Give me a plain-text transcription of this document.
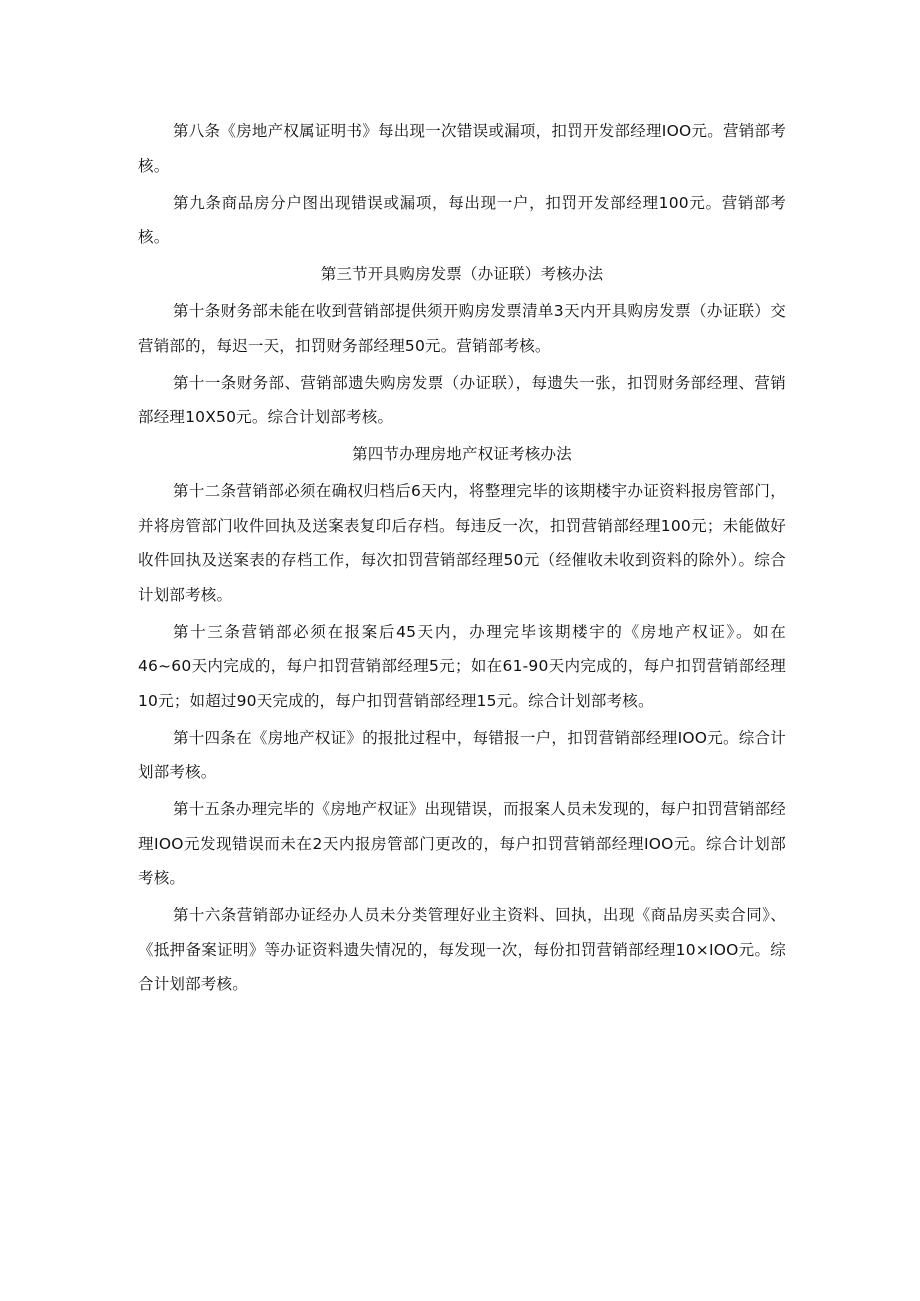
第八条《房地产权属证明书》每出现一次错误或漏项，扣罚开发部经理IOO元。营销部考核。

第九条商品房分户图出现错误或漏项，每出现一户，扣罚开发部经理100元。营销部考核。

第三节开具购房发票（办证联）考核办法

第十条财务部未能在收到营销部提供须开购房发票清单3天内开具购房发票（办证联）交营销部的，每迟一天，扣罚财务部经理50元。营销部考核。

第十一条财务部、营销部遗失购房发票（办证联），每遗失一张，扣罚财务部经理、营销部经理10X50元。综合计划部考核。

第四节办理房地产权证考核办法

第十二条营销部必须在确权归档后6天内，将整理完毕的该期楼宇办证资料报房管部门，并将房管部门收件回执及送案表复印后存档。每违反一次，扣罚营销部经理100元；未能做好收件回执及送案表的存档工作，每次扣罚营销部经理50元（经催收未收到资料的除外）。综合计划部考核。

第十三条营销部必须在报案后45天内，办理完毕该期楼宇的《房地产权证》。如在46~60天内完成的，每户扣罚营销部经理5元；如在61-90天内完成的，每户扣罚营销部经理10元；如超过90天完成的，每户扣罚营销部经理15元。综合计划部考核。

第十四条在《房地产权证》的报批过程中，每错报一户，扣罚营销部经理IOO元。综合计划部考核。

第十五条办理完毕的《房地产权证》出现错误，而报案人员未发现的，每户扣罚营销部经理IOO元发现错误而未在2天内报房管部门更改的，每户扣罚营销部经理IOO元。综合计划部考核。

第十六条营销部办证经办人员未分类管理好业主资料、回执，出现《商品房买卖合同》、《抵押备案证明》等办证资料遗失情况的，每发现一次，每份扣罚营销部经理10×IOO元。综合计划部考核。
